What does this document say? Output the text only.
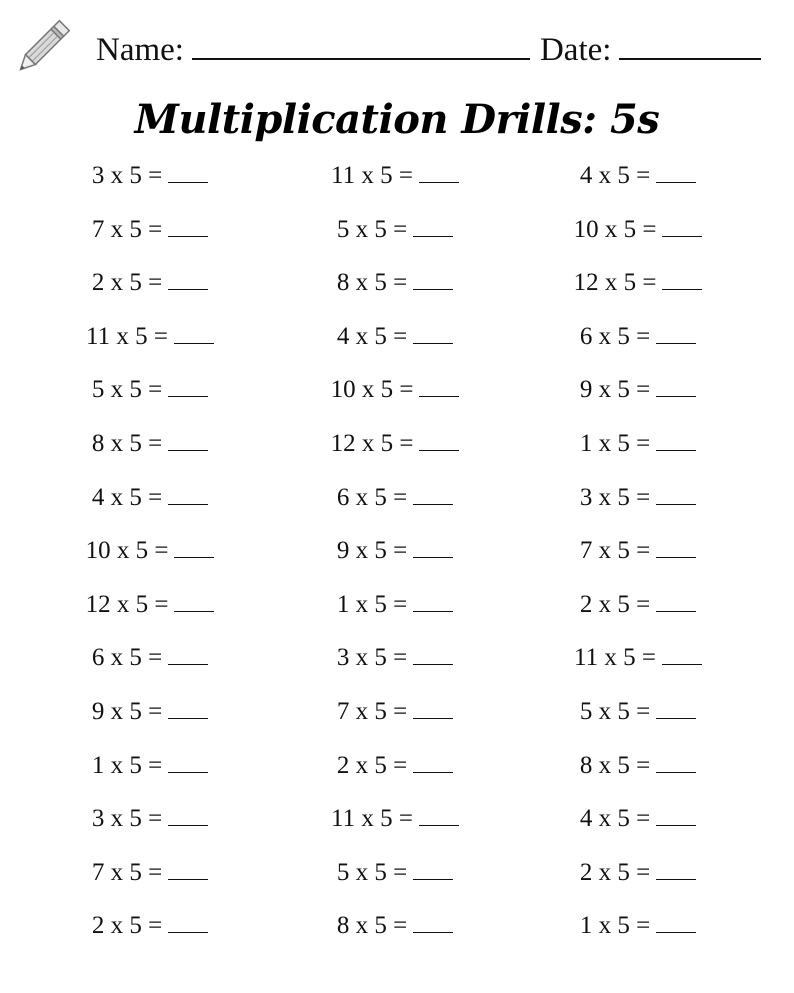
Name:	Date:
Multiplication Drills: 5s
3 x 5 =
7 x 5 =
2 x 5 =
11 x 5 =
5 x 5 =
8 x 5 =
4 x 5 =
10 x 5 =
12 x 5 =
6 x 5 =
9 x 5 =
1 x 5 =
3 x 5 =
7 x 5 =
2 x 5 =
11 x 5 =
5 x 5 =
8 x 5 =
4 x 5 =
10 x 5 =
12 x 5 =
6 x 5 =
9 x 5 =
1 x 5 =
3 x 5 =
7 x 5 =
2 x 5 =
11 x 5 =
5 x 5 =
8 x 5 =
4 x 5 =
10 x 5 =
12 x 5 =
6 x 5 =
9 x 5 =
1 x 5 =
3 x 5 =
7 x 5 =
2 x 5 =
11 x 5 =
5 x 5 =
8 x 5 =
4 x 5 =
2 x 5 =
1 x 5 =
